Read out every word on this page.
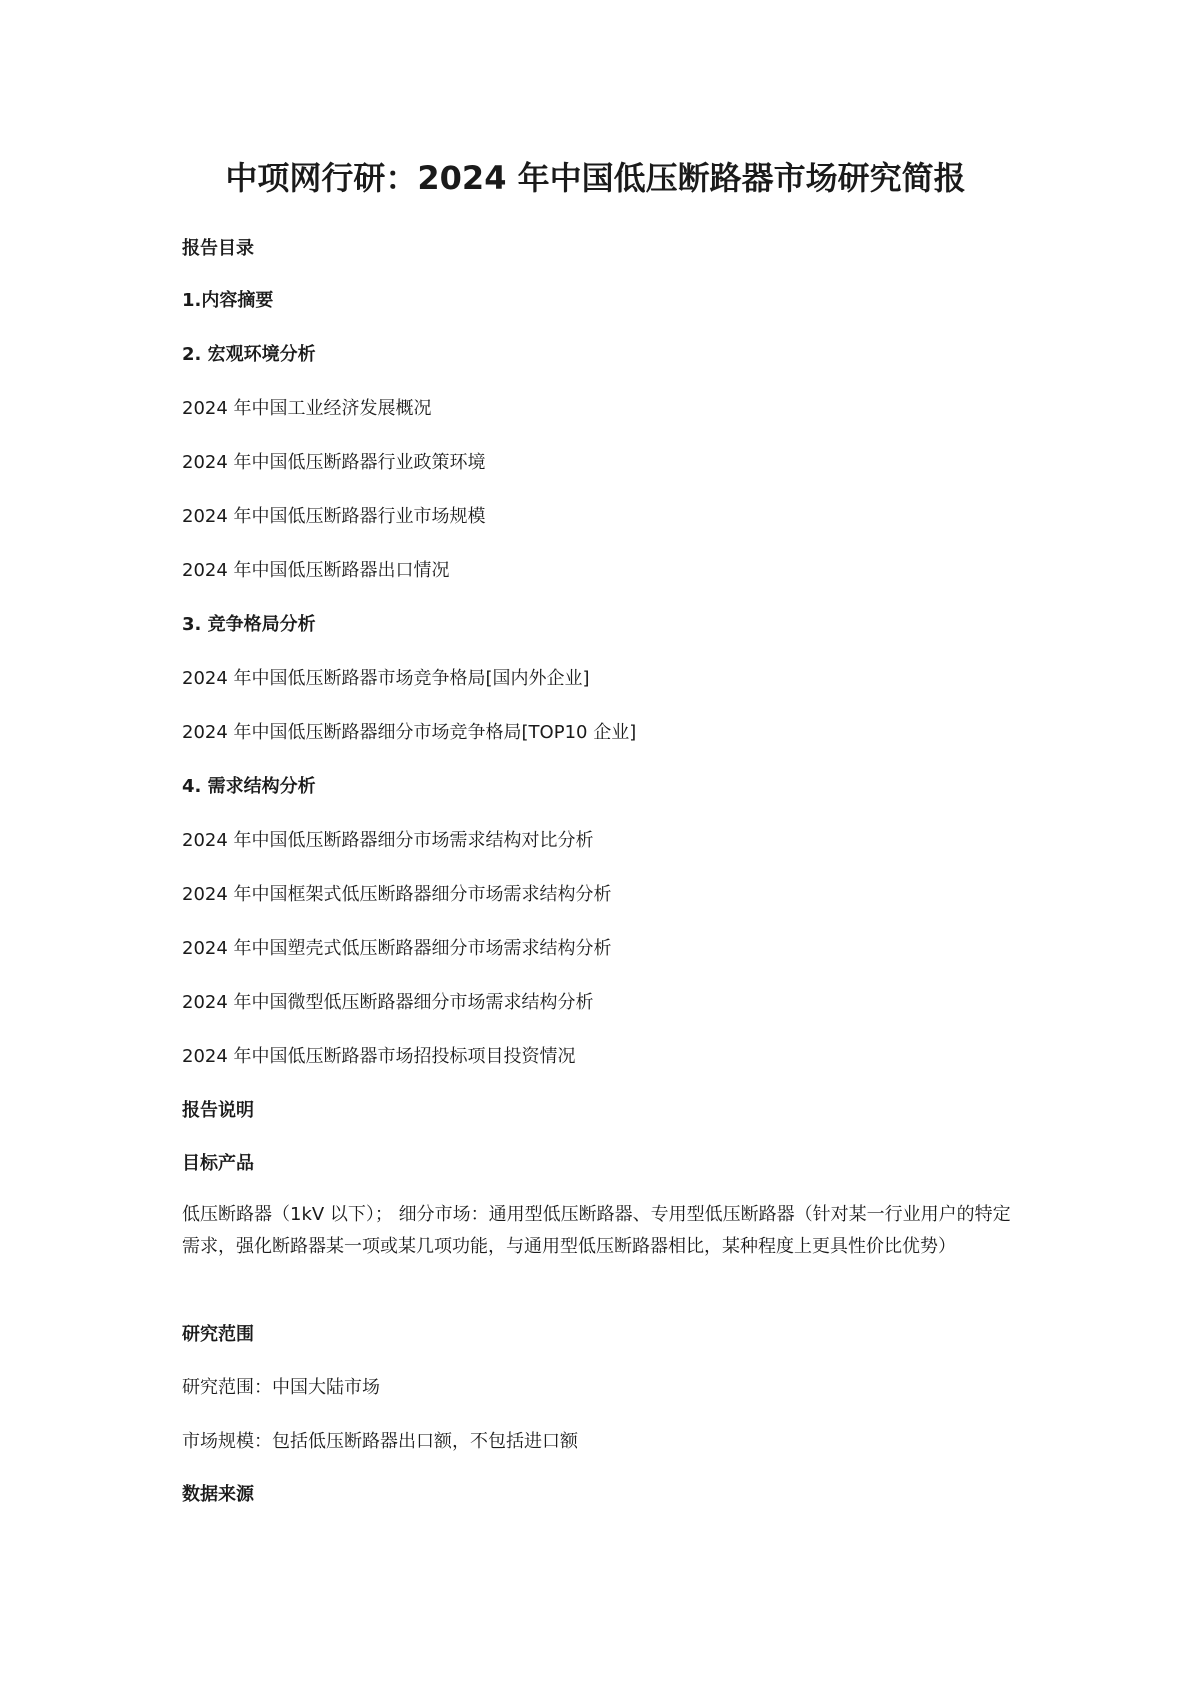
中项网行研：2024 年中国低压断路器市场研究简报
报告目录
1.内容摘要
2. 宏观环境分析
2024 年中国工业经济发展概况
2024 年中国低压断路器行业政策环境
2024 年中国低压断路器行业市场规模
2024 年中国低压断路器出口情况
3. 竞争格局分析
2024 年中国低压断路器市场竞争格局[国内外企业]
2024 年中国低压断路器细分市场竞争格局[TOP10 企业]
4. 需求结构分析
2024 年中国低压断路器细分市场需求结构对比分析
2024 年中国框架式低压断路器细分市场需求结构分析
2024 年中国塑壳式低压断路器细分市场需求结构分析
2024 年中国微型低压断路器细分市场需求结构分析
2024 年中国低压断路器市场招投标项目投资情况
报告说明
目标产品
低压断路器（1kV 以下）； 细分市场：通用型低压断路器、专用型低压断路器（针对某一行业用户的特定需求，强化断路器某一项或某几项功能，与通用型低压断路器相比，某种程度上更具性价比优势）
研究范围
研究范围：中国大陆市场
市场规模：包括低压断路器出口额，不包括进口额
数据来源
